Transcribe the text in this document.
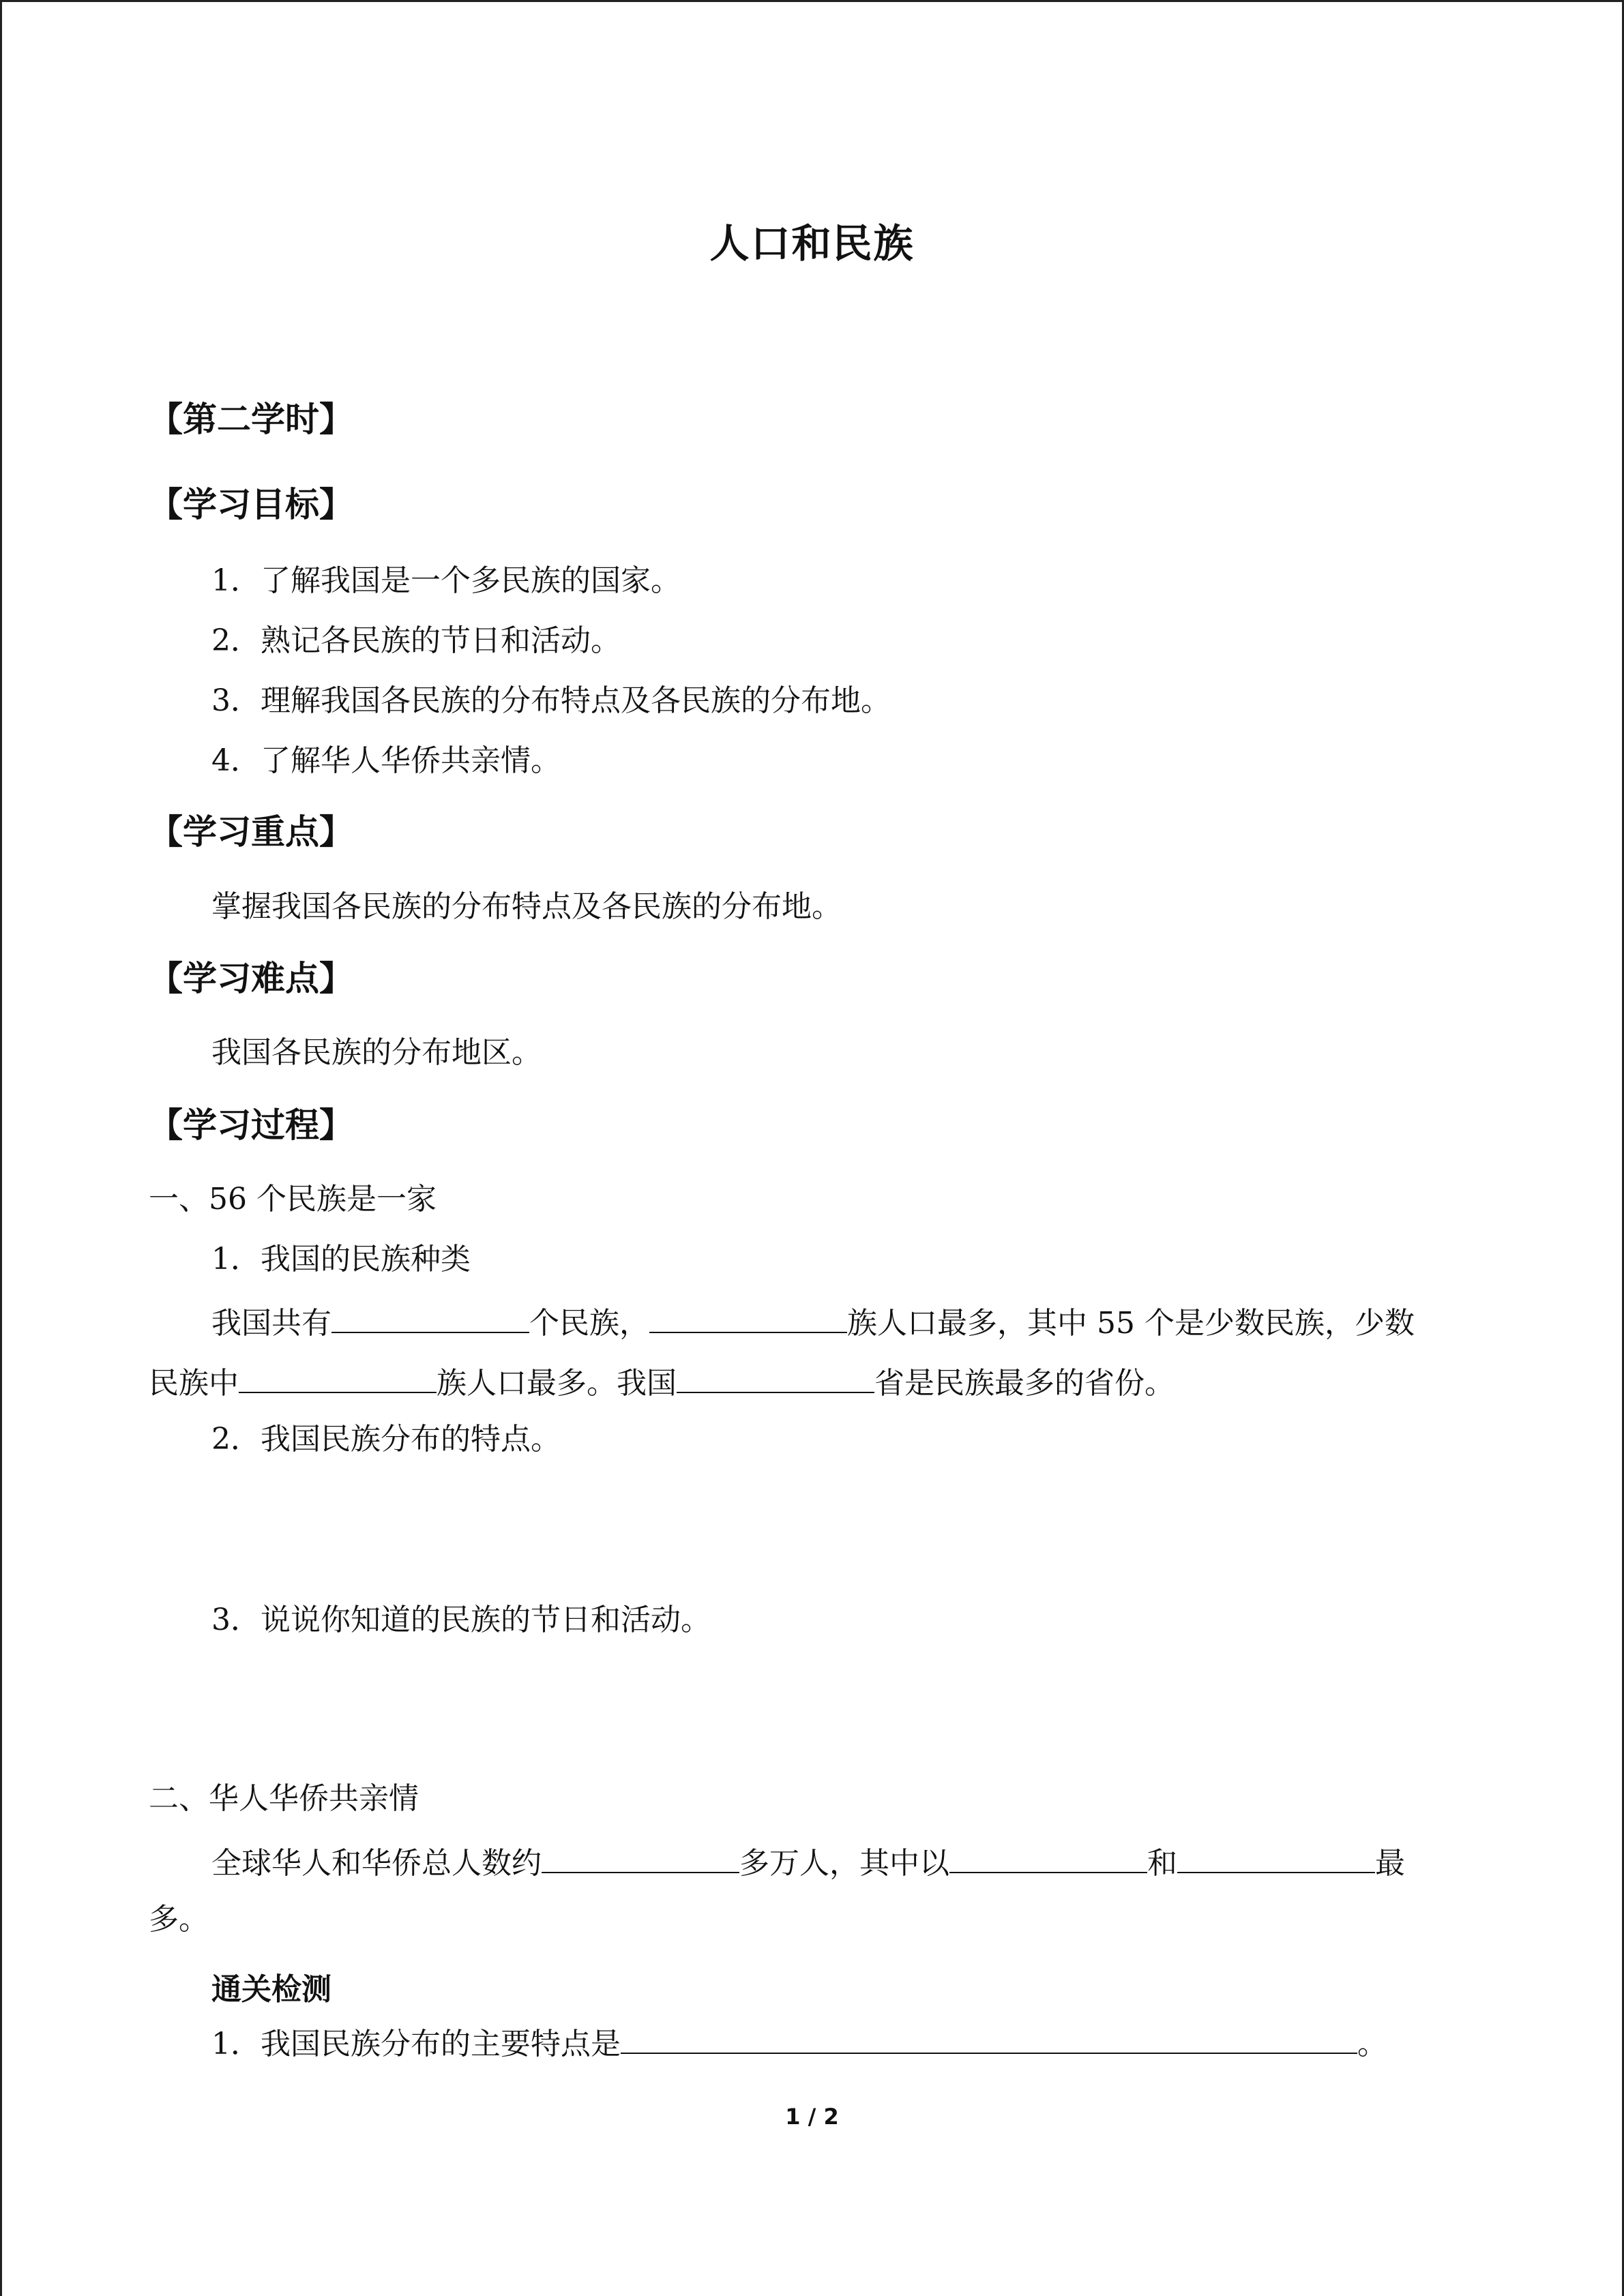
人口和民族
【第二学时】
【学习目标】
1．了解我国是一个多民族的国家。
2．熟记各民族的节日和活动。
3．理解我国各民族的分布特点及各民族的分布地。
4．了解华人华侨共亲情。
【学习重点】
掌握我国各民族的分布特点及各民族的分布地。
【学习难点】
我国各民族的分布地区。
【学习过程】
一、56 个民族是一家
1．我国的民族种类
我国共有	个民族，	族人口最多，其中 55 个是少数民族，少数
民族中	族人口最多。我国	省是民族最多的省份。
2．我国民族分布的特点。
3．说说你知道的民族的节日和活动。
二、华人华侨共亲情
全球华人和华侨总人数约	多万人，其中以	和	最
多。
通关检测
1．我国民族分布的主要特点是	。
1 / 2
